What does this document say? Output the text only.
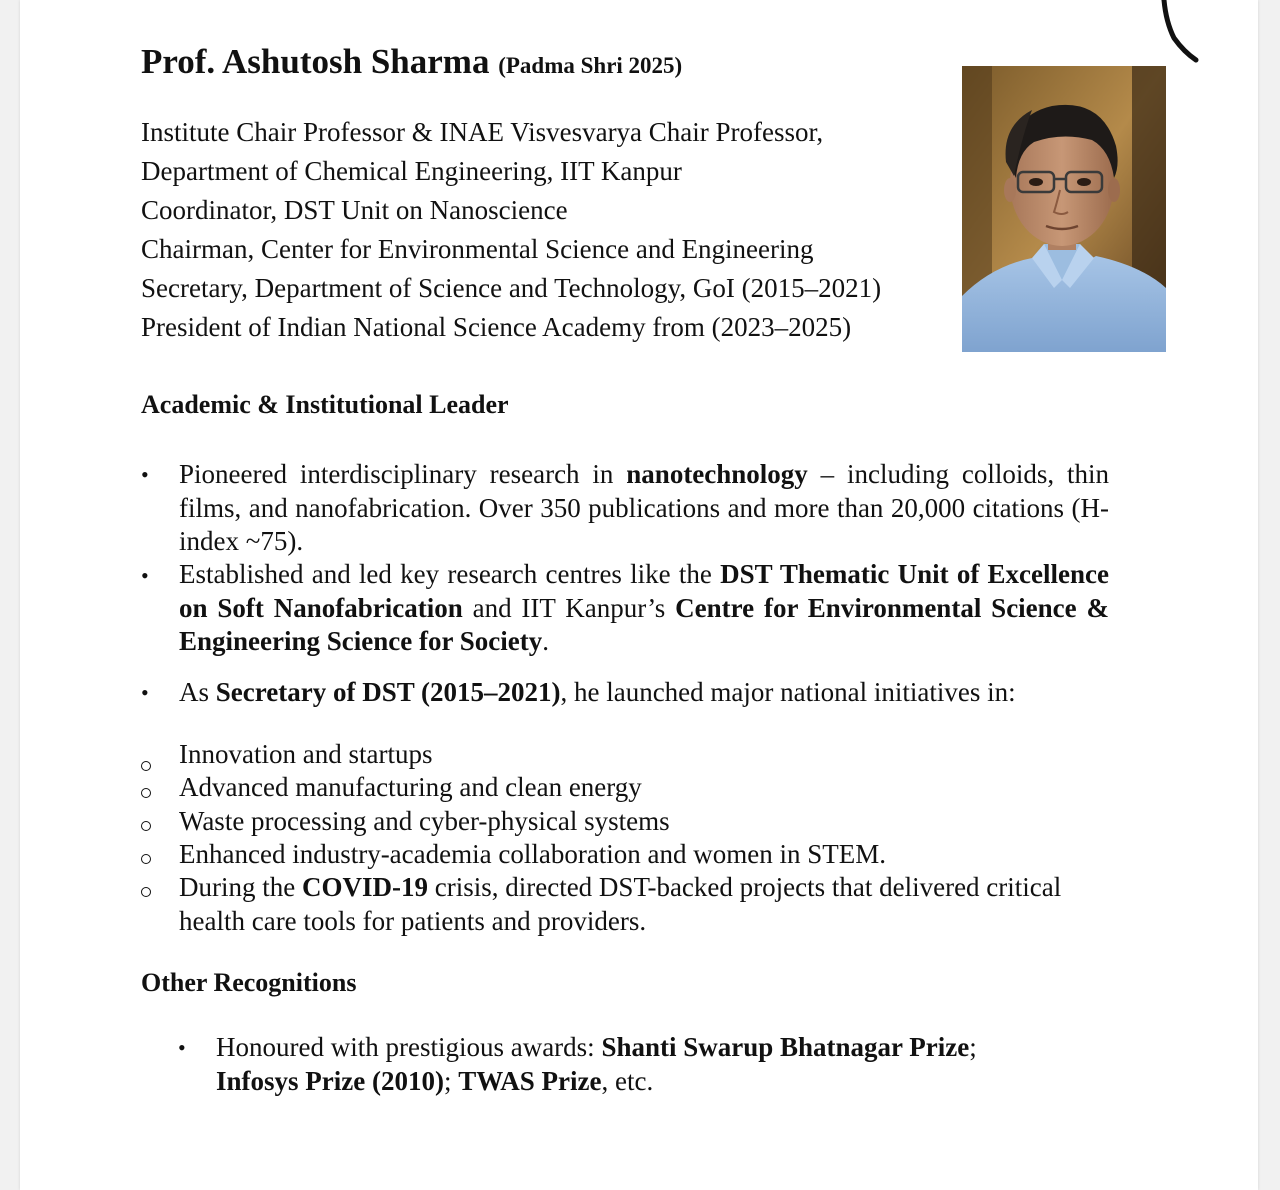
Prof. Ashutosh Sharma (Padma Shri 2025)
Institute Chair Professor & INAE Visvesvarya Chair Professor,
Department of Chemical Engineering, IIT Kanpur
Coordinator, DST Unit on Nanoscience
Chairman, Center for Environmental Science and Engineering
Secretary, Department of Science and Technology, GoI (2015–2021)
President of Indian National Science Academy from (2023–2025)
Academic & Institutional Leader
• Pioneered interdisciplinary research in nanotechnology – including colloids, thin films, and nanofabrication. Over 350 publications and more than 20,000 citations (H-index ~75).
• Established and led key research centres like the DST Thematic Unit of Excellence on Soft Nanofabrication and IIT Kanpur’s Centre for Environmental Science & Engineering Science for Society.
• As Secretary of DST (2015–2021), he launched major national initiatives in:
Innovation and startups
Advanced manufacturing and clean energy
Waste processing and cyber-physical systems
Enhanced industry-academia collaboration and women in STEM.
During the COVID-19 crisis, directed DST-backed projects that delivered critical health care tools for patients and providers.
Other Recognitions
• Honoured with prestigious awards: Shanti Swarup Bhatnagar Prize;
Infosys Prize (2010); TWAS Prize, etc.
